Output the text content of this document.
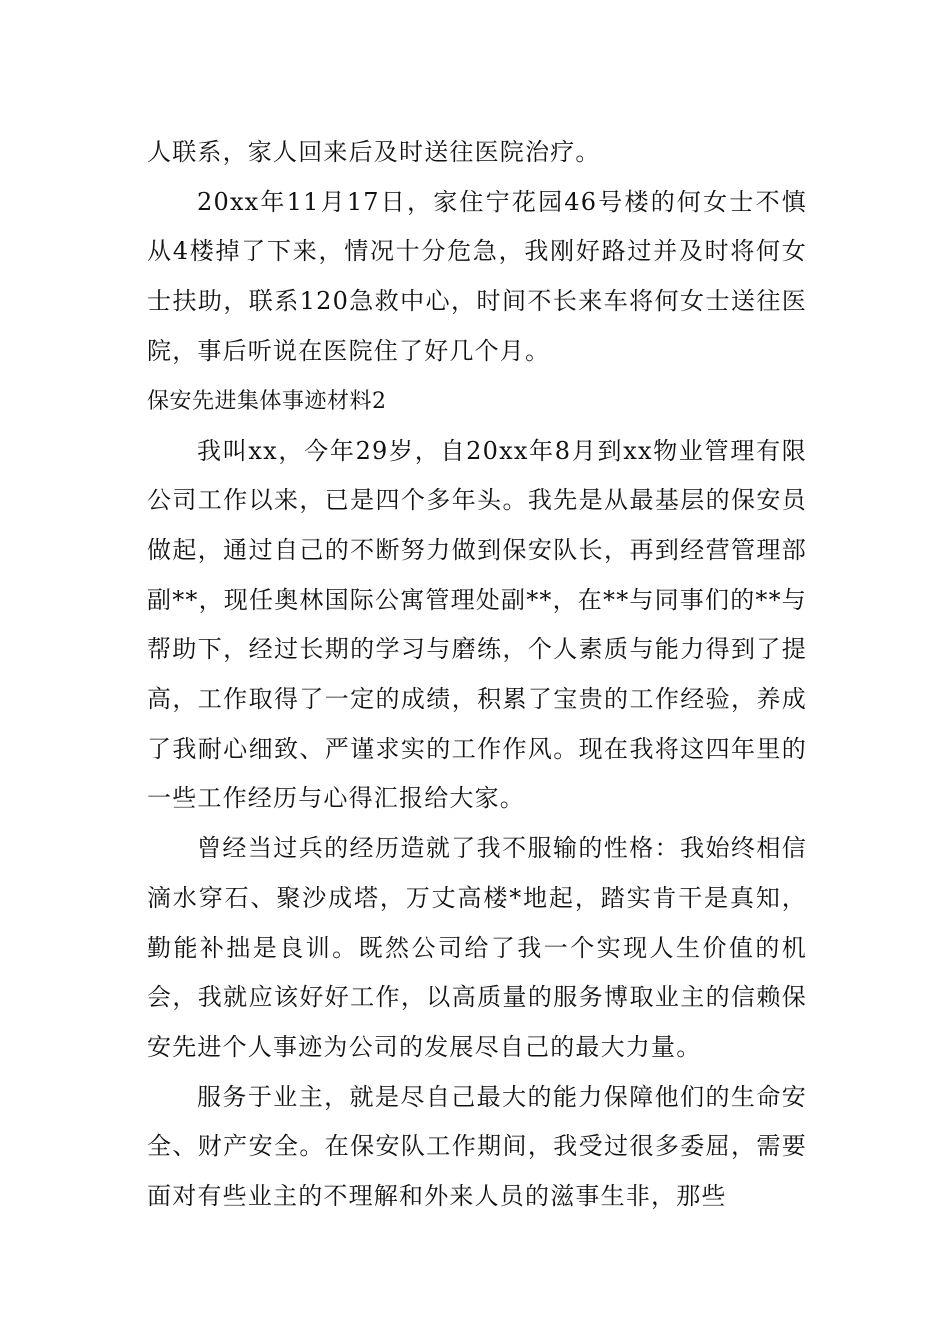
人联系，家人回来后及时送往医院治疗。

20xx年11月17日，家住宁花园46号楼的何女士不慎从4楼掉了下来，情况十分危急，我刚好路过并及时将何女士扶助，联系120急救中心，时间不长来车将何女士送往医院，事后听说在医院住了好几个月。

保安先进集体事迹材料2

我叫xx，今年29岁，自20xx年8月到xx物业管理有限公司工作以来，已是四个多年头。我先是从最基层的保安员做起，通过自己的不断努力做到保安队长，再到经营管理部副**，现任奥林国际公寓管理处副**，在**与同事们的**与帮助下，经过长期的学习与磨练，个人素质与能力得到了提高，工作取得了一定的成绩，积累了宝贵的工作经验，养成了我耐心细致、严谨求实的工作作风。现在我将这四年里的一些工作经历与心得汇报给大家。

曾经当过兵的经历造就了我不服输的性格：我始终相信滴水穿石、聚沙成塔，万丈高楼*地起，踏实肯干是真知，勤能补拙是良训。既然公司给了我一个实现人生价值的机会，我就应该好好工作，以高质量的服务博取业主的信赖保安先进个人事迹为公司的发展尽自己的最大力量。

服务于业主，就是尽自己最大的能力保障他们的生命安全、财产安全。在保安队工作期间，我受过很多委屈，需要面对有些业主的不理解和外来人员的滋事生非，那些
